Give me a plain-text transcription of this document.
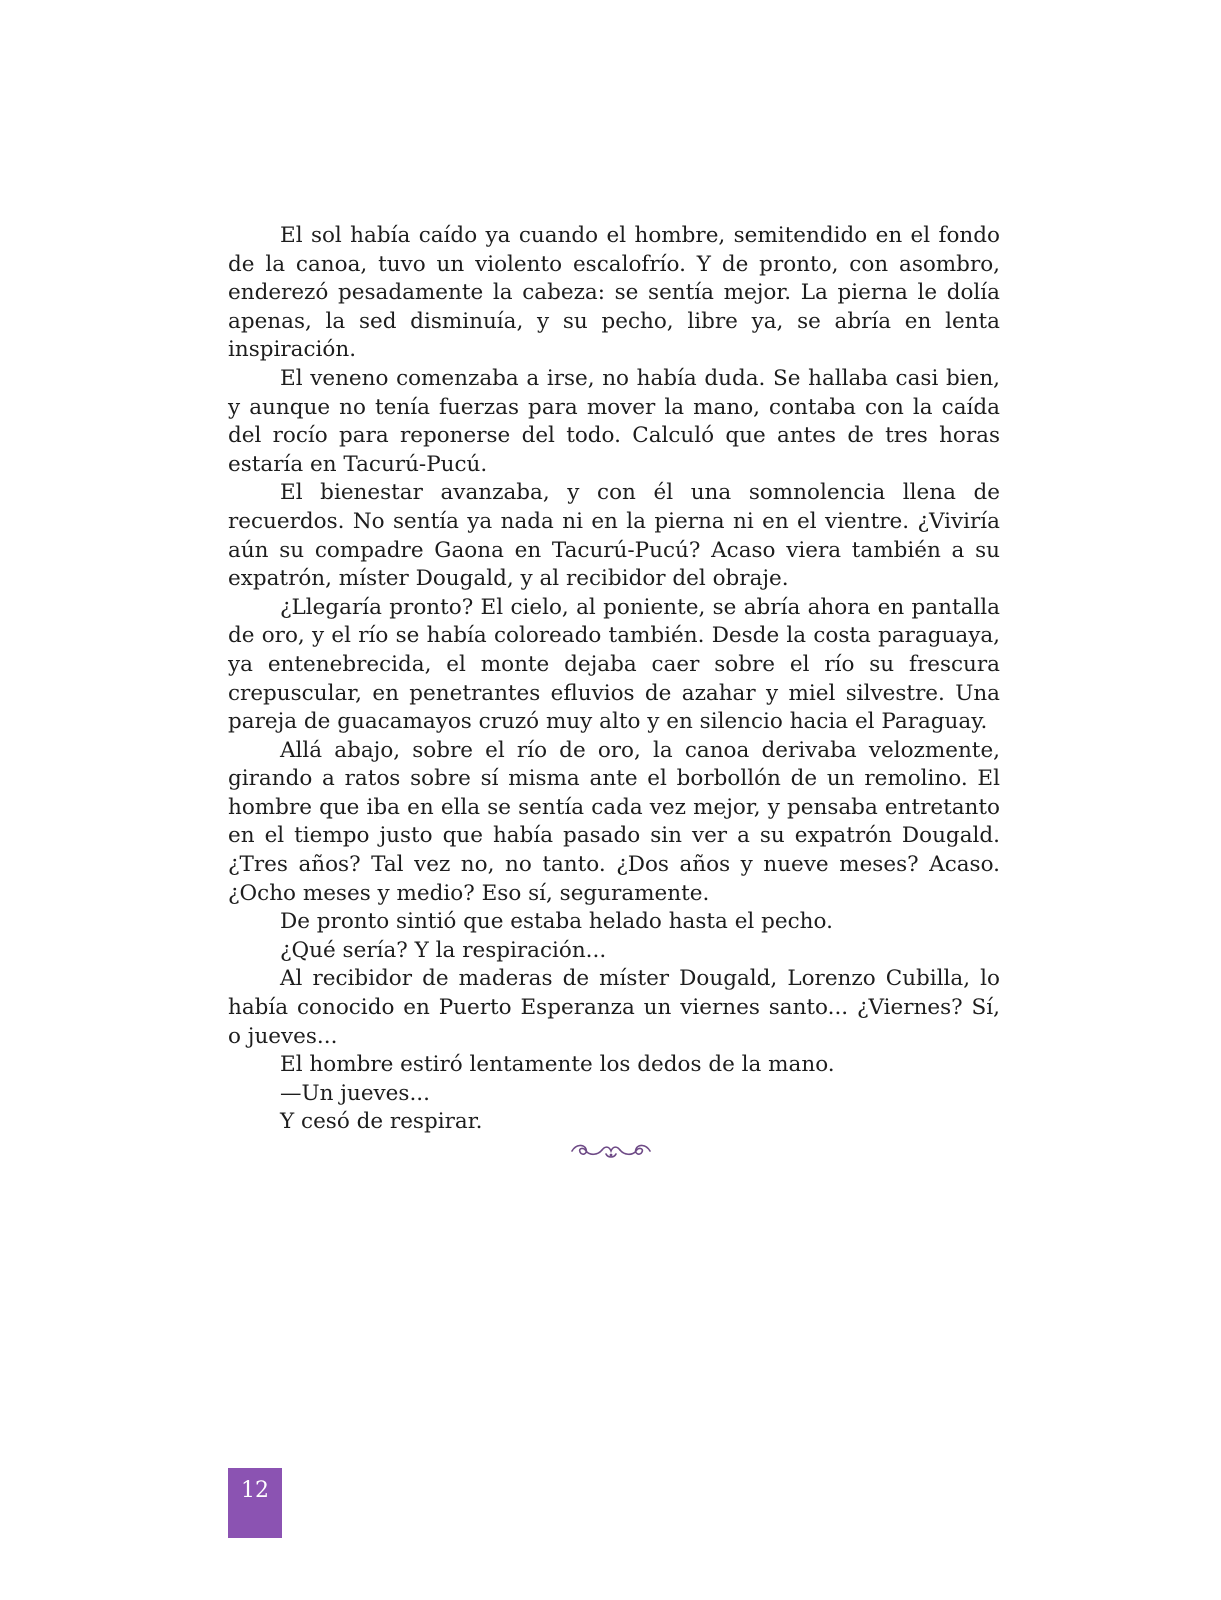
El sol había caído ya cuando el hombre, semitendido en el fondo de la canoa, tuvo un violento escalofrío. Y de pronto, con asombro, enderezó pesadamente la cabeza: se sentía mejor. La pierna le dolía apenas, la sed disminuía, y su pecho, libre ya, se abría en lenta inspiración.

El veneno comenzaba a irse, no había duda. Se hallaba casi bien, y aunque no tenía fuerzas para mover la mano, contaba con la caída del rocío para reponerse del todo. Calculó que antes de tres horas estaría en Tacurú-Pucú.

El bienestar avanzaba, y con él una somnolencia llena de recuerdos. No sentía ya nada ni en la pierna ni en el vientre. ¿Viviría aún su compadre Gaona en Tacurú-Pucú? Acaso viera también a su expatrón, míster Dougald, y al recibidor del obraje.

¿Llegaría pronto? El cielo, al poniente, se abría ahora en pantalla de oro, y el río se había coloreado también. Desde la costa paraguaya, ya entenebrecida, el monte dejaba caer sobre el río su frescura crepuscular, en penetrantes efluvios de azahar y miel silvestre. Una pareja de guacamayos cruzó muy alto y en silencio hacia el Paraguay.

Allá abajo, sobre el río de oro, la canoa derivaba velozmente, girando a ratos sobre sí misma ante el borbollón de un remolino. El hombre que iba en ella se sentía cada vez mejor, y pensaba entretanto en el tiempo justo que había pasado sin ver a su expatrón Dougald. ¿Tres años? Tal vez no, no tanto. ¿Dos años y nueve meses? Acaso. ¿Ocho meses y medio? Eso sí, seguramente.

De pronto sintió que estaba helado hasta el pecho.

¿Qué sería? Y la respiración...

Al recibidor de maderas de míster Dougald, Lorenzo Cubilla, lo había conocido en Puerto Esperanza un viernes santo... ¿Viernes? Sí, o jueves...

El hombre estiró lentamente los dedos de la mano.

—Un jueves...

Y cesó de respirar.

12
